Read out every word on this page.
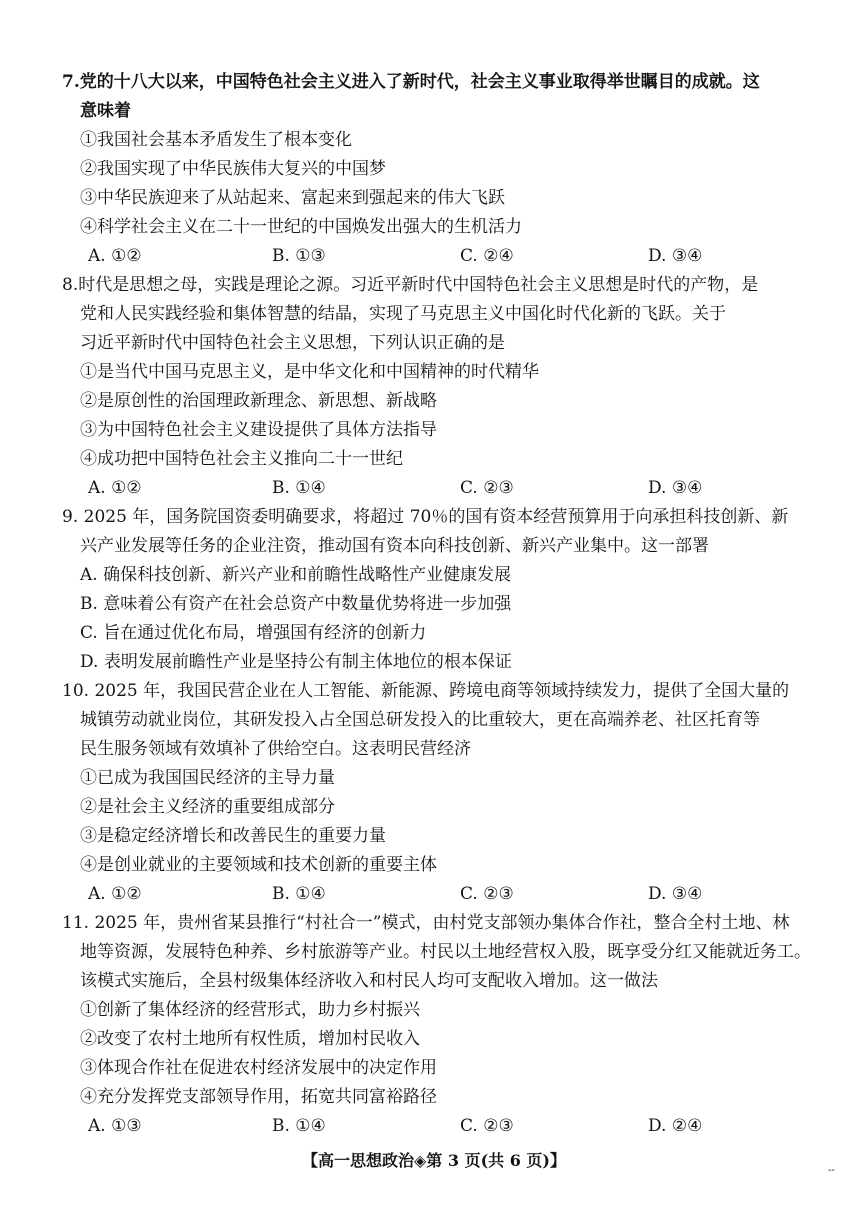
7.党的十八大以来，中国特色社会主义进入了新时代，社会主义事业取得举世瞩目的成就。这
意味着
①我国社会基本矛盾发生了根本变化
②我国实现了中华民族伟大复兴的中国梦
③中华民族迎来了从站起来、富起来到强起来的伟大飞跃
④科学社会主义在二十一世纪的中国焕发出强大的生机活力
A. ①②	B. ①③	C. ②④	D. ③④
8.时代是思想之母，实践是理论之源。习近平新时代中国特色社会主义思想是时代的产物，是
党和人民实践经验和集体智慧的结晶，实现了马克思主义中国化时代化新的飞跃。关于
习近平新时代中国特色社会主义思想，下列认识正确的是
①是当代中国马克思主义，是中华文化和中国精神的时代精华
②是原创性的治国理政新理念、新思想、新战略
③为中国特色社会主义建设提供了具体方法指导
④成功把中国特色社会主义推向二十一世纪
A. ①②	B. ①④	C. ②③	D. ③④
9. 2025 年，国务院国资委明确要求，将超过 70％的国有资本经营预算用于向承担科技创新、新
兴产业发展等任务的企业注资，推动国有资本向科技创新、新兴产业集中。这一部署
A. 确保科技创新、新兴产业和前瞻性战略性产业健康发展
B. 意味着公有资产在社会总资产中数量优势将进一步加强
C. 旨在通过优化布局，增强国有经济的创新力
D. 表明发展前瞻性产业是坚持公有制主体地位的根本保证
10. 2025 年，我国民营企业在人工智能、新能源、跨境电商等领域持续发力，提供了全国大量的
城镇劳动就业岗位，其研发投入占全国总研发投入的比重较大，更在高端养老、社区托育等
民生服务领域有效填补了供给空白。这表明民营经济
①已成为我国国民经济的主导力量
②是社会主义经济的重要组成部分
③是稳定经济增长和改善民生的重要力量
④是创业就业的主要领域和技术创新的重要主体
A. ①②	B. ①④	C. ②③	D. ③④
11. 2025 年，贵州省某县推行“村社合一”模式，由村党支部领办集体合作社，整合全村土地、林
地等资源，发展特色种养、乡村旅游等产业。村民以土地经营权入股，既享受分红又能就近务工。
该模式实施后，全县村级集体经济收入和村民人均可支配收入增加。这一做法
①创新了集体经济的经营形式，助力乡村振兴
②改变了农村土地所有权性质，增加村民收入
③体现合作社在促进农村经济发展中的决定作用
④充分发挥党支部领导作用，拓宽共同富裕路径
A. ①③	B. ①④	C. ②③	D. ②④
【高一思想政治◈第 3 页(共 6 页)】
--
